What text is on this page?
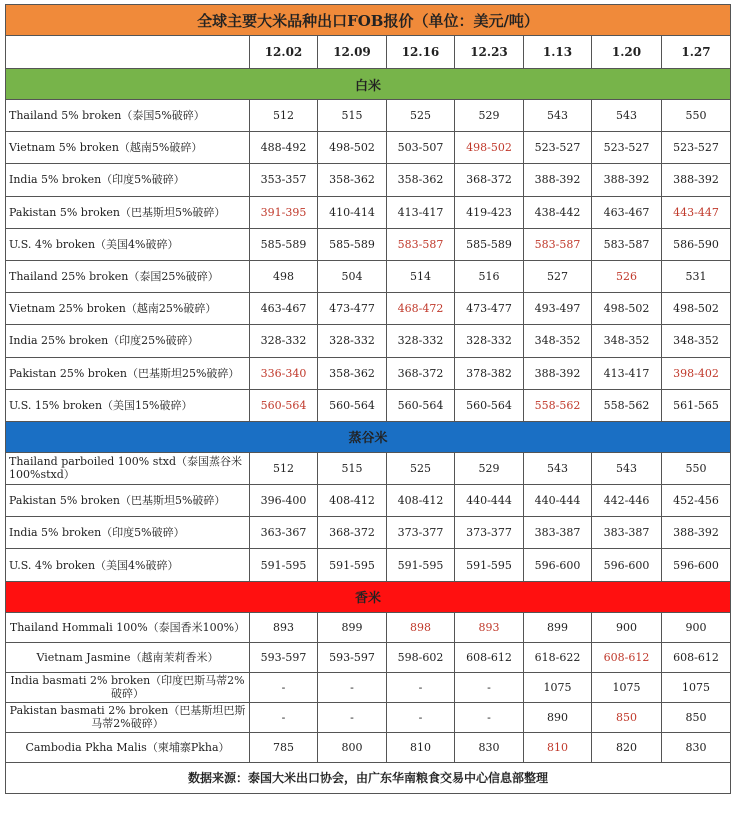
全球主要大米品种出口FOB报价（单位：美元/吨）							
	12.02	12.09	12.16	12.23	1.13	1.20	1.27
白米							
Thailand 5% broken（泰国5%破碎）	512	515	525	529	543	543	550
Vietnam 5% broken（越南5%破碎）	488-492	498-502	503-507	498-502	523-527	523-527	523-527
India 5% broken（印度5%破碎）	353-357	358-362	358-362	368-372	388-392	388-392	388-392
Pakistan 5% broken（巴基斯坦5%破碎）	391-395	410-414	413-417	419-423	438-442	463-467	443-447
U.S. 4% broken（美国4%破碎）	585-589	585-589	583-587	585-589	583-587	583-587	586-590
Thailand 25% broken（泰国25%破碎）	498	504	514	516	527	526	531
Vietnam 25% broken（越南25%破碎）	463-467	473-477	468-472	473-477	493-497	498-502	498-502
India 25% broken（印度25%破碎）	328-332	328-332	328-332	328-332	348-352	348-352	348-352
Pakistan 25% broken（巴基斯坦25%破碎）	336-340	358-362	368-372	378-382	388-392	413-417	398-402
U.S. 15% broken（美国15%破碎）	560-564	560-564	560-564	560-564	558-562	558-562	561-565
蒸谷米							
Thailand parboiled 100% stxd（泰国蒸谷米100%stxd）	512	515	525	529	543	543	550
Pakistan 5% broken（巴基斯坦5%破碎）	396-400	408-412	408-412	440-444	440-444	442-446	452-456
India 5% broken（印度5%破碎）	363-367	368-372	373-377	373-377	383-387	383-387	388-392
U.S. 4% broken（美国4%破碎）	591-595	591-595	591-595	591-595	596-600	596-600	596-600
香米							
Thailand Hommali 100%（泰国香米100%）	893	899	898	893	899	900	900
Vietnam Jasmine（越南茉莉香米）	593-597	593-597	598-602	608-612	618-622	608-612	608-612
India basmati 2% broken（印度巴斯马蒂2%破碎）	-	-	-	-	1075	1075	1075
Pakistan basmati 2% broken（巴基斯坦巴斯马蒂2%破碎）	-	-	-	-	890	850	850
Cambodia Pkha Malis（柬埔寨Pkha）	785	800	810	830	810	820	830
数据来源：泰国大米出口协会，由广东华南粮食交易中心信息部整理							
